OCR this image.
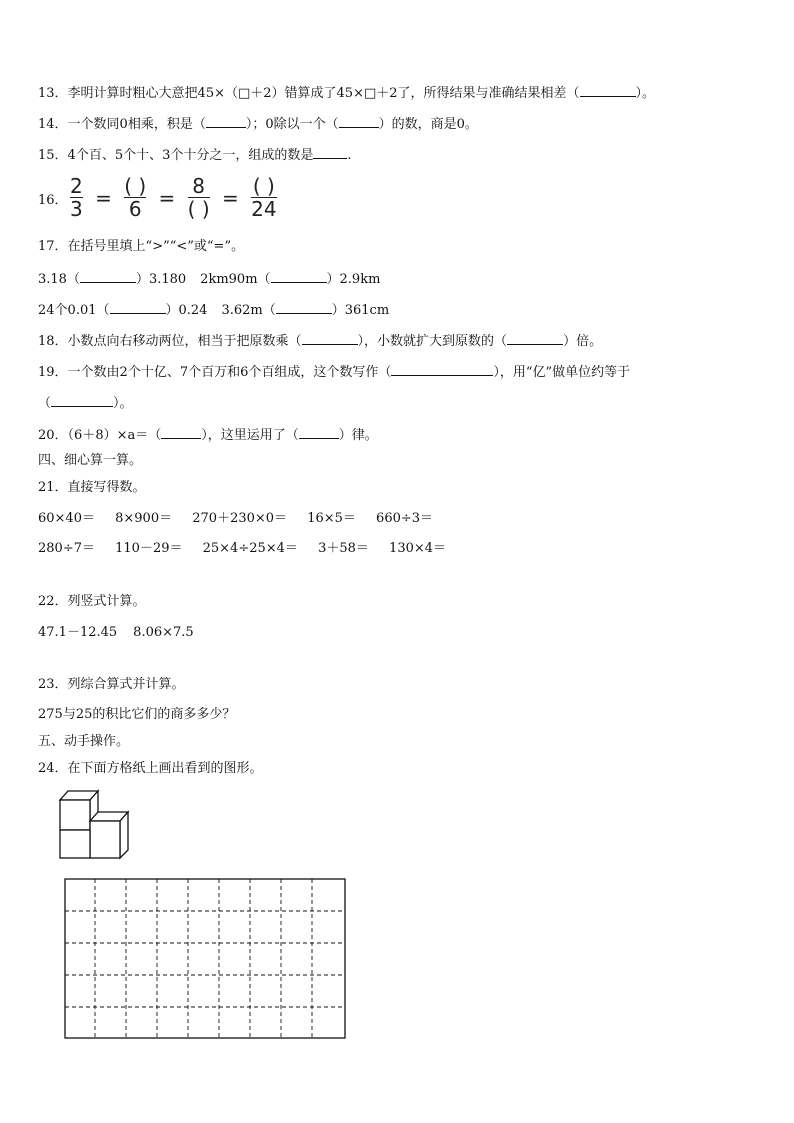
13．李明计算时粗心大意把45×（□＋2）错算成了45×□＋2了，所得结果与准确结果相差（	）。
14．一个数同0相乘，积是（	）；0除以一个（	）的数，商是0。
15．4个百、5个十、3个十分之一，组成的数是	.
16． $\frac{2}{3}$ = ( )
6 = 8
( ) = ( )
24
17．在括号里填上“>”“<”或“=”。
3.18（	）3.180 2km90m（	）2.9km
24个0.01（	）0.24 3.62m（	）361cm
18．小数点向右移动两位，相当于把原数乘（	），小数就扩大到原数的（	）倍。
19．一个数由2个十亿、7个百万和6个百组成，这个数写作（	），用“亿”做单位约等于
（	）。
20．（6＋8）×a＝（	），这里运用了（	）律。
四、细心算一算。
21．直接写得数。
60×40＝ 8×900＝ 270＋230×0＝ 16×5＝ 660÷3＝
280÷7＝ 110－29＝ 25×4÷25×4＝ 3＋58＝ 130×4＝
22．列竖式计算。
47.1－12.45 8.06×7.5
23．列综合算式并计算。
275与25的积比它们的商多多少？
五、动手操作。
24．在下面方格纸上画出看到的图形。
